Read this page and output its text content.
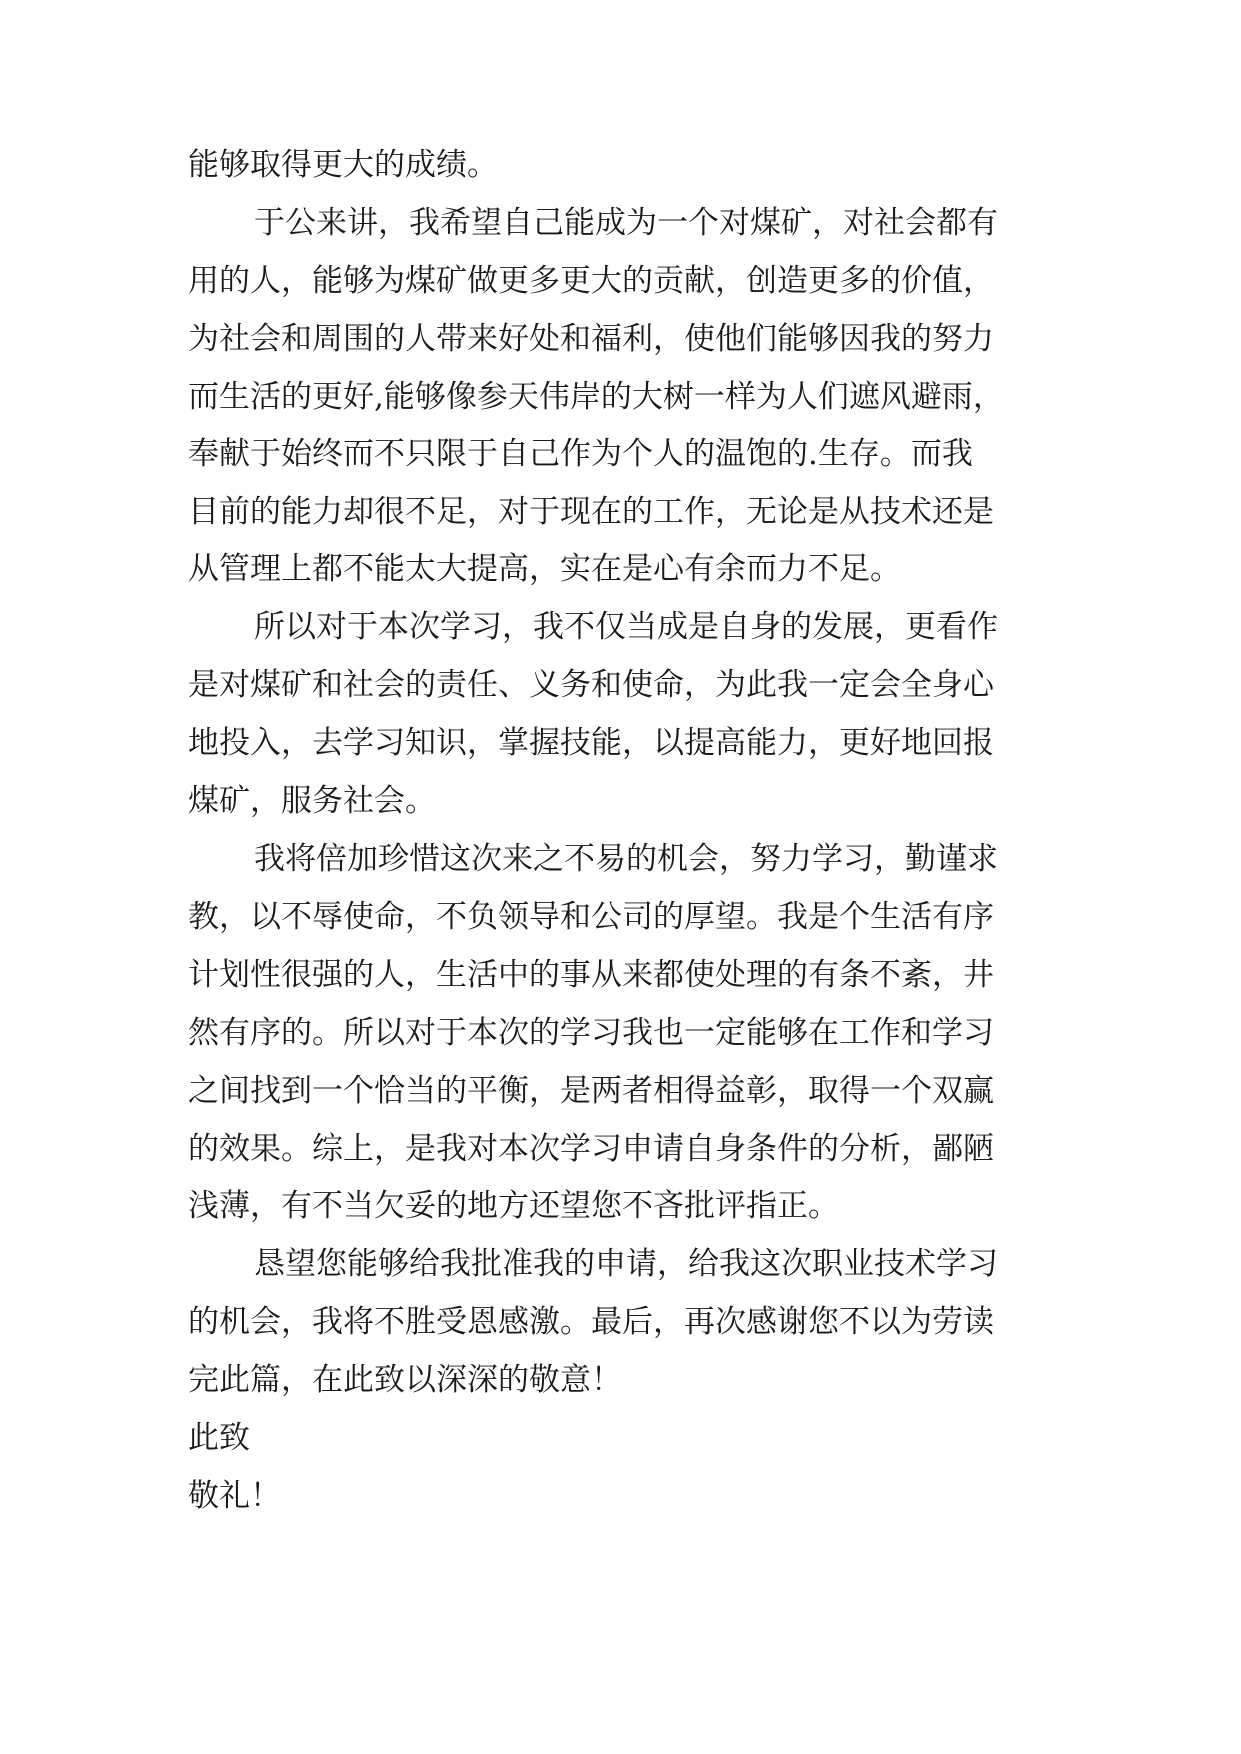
能够取得更大的成绩。

于公来讲，我希望自己能成为一个对煤矿，对社会都有

用的人，能够为煤矿做更多更大的贡献，创造更多的价值，

为社会和周围的人带来好处和福利，使他们能够因我的努力

而生活的更好,能够像参天伟岸的大树一样为人们遮风避雨，

奉献于始终而不只限于自己作为个人的温饱的.生存。而我

目前的能力却很不足，对于现在的工作，无论是从技术还是

从管理上都不能太大提高，实在是心有余而力不足。

所以对于本次学习，我不仅当成是自身的发展，更看作

是对煤矿和社会的责任、义务和使命，为此我一定会全身心

地投入，去学习知识，掌握技能，以提高能力，更好地回报

煤矿，服务社会。

我将倍加珍惜这次来之不易的机会，努力学习，勤谨求

教，以不辱使命，不负领导和公司的厚望。我是个生活有序

计划性很强的人，生活中的事从来都使处理的有条不紊，井

然有序的。所以对于本次的学习我也一定能够在工作和学习

之间找到一个恰当的平衡，是两者相得益彰，取得一个双赢

的效果。综上，是我对本次学习申请自身条件的分析，鄙陋

浅薄，有不当欠妥的地方还望您不吝批评指正。

恳望您能够给我批准我的申请，给我这次职业技术学习

的机会，我将不胜受恩感激。最后，再次感谢您不以为劳读

完此篇，在此致以深深的敬意！

此致

敬礼！
